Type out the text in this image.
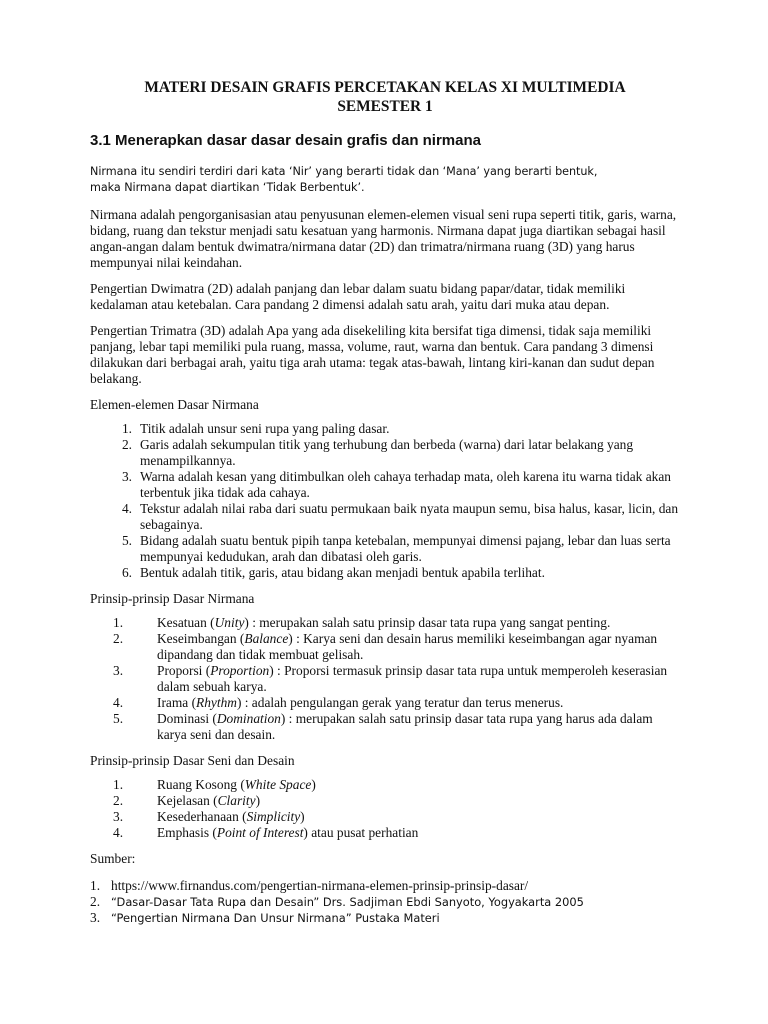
MATERI DESAIN GRAFIS PERCETAKAN KELAS XI MULTIMEDIA
SEMESTER 1
3.1 Menerapkan dasar dasar desain grafis dan nirmana
Nirmana itu sendiri terdiri dari kata ‘Nir’ yang berarti tidak dan ‘Mana’ yang berarti bentuk,
maka Nirmana dapat diartikan ‘Tidak Berbentuk’.

Nirmana adalah pengorganisasian atau penyusunan elemen-elemen visual seni rupa seperti titik, garis, warna, bidang, ruang dan tekstur menjadi satu kesatuan yang harmonis. Nirmana dapat juga diartikan sebagai hasil angan-angan dalam bentuk dwimatra/nirmana datar (2D) dan trimatra/nirmana ruang (3D) yang harus mempunyai nilai keindahan.

Pengertian Dwimatra (2D) adalah panjang dan lebar dalam suatu bidang papar/datar, tidak memiliki kedalaman atau ketebalan. Cara pandang 2 dimensi adalah satu arah, yaitu dari muka atau depan.

Pengertian Trimatra (3D) adalah Apa yang ada disekeliling kita bersifat tiga dimensi, tidak saja memiliki panjang, lebar tapi memiliki pula ruang, massa, volume, raut, warna dan bentuk. Cara pandang 3 dimensi dilakukan dari berbagai arah, yaitu tiga arah utama: tegak atas-bawah, lintang kiri-kanan dan sudut depan belakang.

Elemen-elemen Dasar Nirmana
1. Titik adalah unsur seni rupa yang paling dasar.
2. Garis adalah sekumpulan titik yang terhubung dan berbeda (warna) dari latar belakang yang menampilkannya.
3. Warna adalah kesan yang ditimbulkan oleh cahaya terhadap mata, oleh karena itu warna tidak akan terbentuk jika tidak ada cahaya.
4. Tekstur adalah nilai raba dari suatu permukaan baik nyata maupun semu, bisa halus, kasar, licin, dan sebagainya.
5. Bidang adalah suatu bentuk pipih tanpa ketebalan, mempunyai dimensi pajang, lebar dan luas serta mempunyai kedudukan, arah dan dibatasi oleh garis.
6. Bentuk adalah titik, garis, atau bidang akan menjadi bentuk apabila terlihat.
Prinsip-prinsip Dasar Nirmana
1.	Kesatuan (Unity) : merupakan salah satu prinsip dasar tata rupa yang sangat penting.
2.	Keseimbangan (Balance) : Karya seni dan desain harus memiliki keseimbangan agar nyaman dipandang dan tidak membuat gelisah.
3.	Proporsi (Proportion) : Proporsi termasuk prinsip dasar tata rupa untuk memperoleh keserasian dalam sebuah karya.
4.	Irama (Rhythm) : adalah pengulangan gerak yang teratur dan terus menerus.
5.	Dominasi (Domination) : merupakan salah satu prinsip dasar tata rupa yang harus ada dalam karya seni dan desain.
Prinsip-prinsip Dasar Seni dan Desain
1.	Ruang Kosong (White Space)
2.	Kejelasan (Clarity)
3.	Kesederhanaan (Simplicity)
4.	Emphasis (Point of Interest) atau pusat perhatian
Sumber:
1. https://www.firnandus.com/pengertian-nirmana-elemen-prinsip-prinsip-dasar/
2. “Dasar-Dasar Tata Rupa dan Desain” Drs. Sadjiman Ebdi Sanyoto, Yogyakarta 2005
3. “Pengertian Nirmana Dan Unsur Nirmana” Pustaka Materi
